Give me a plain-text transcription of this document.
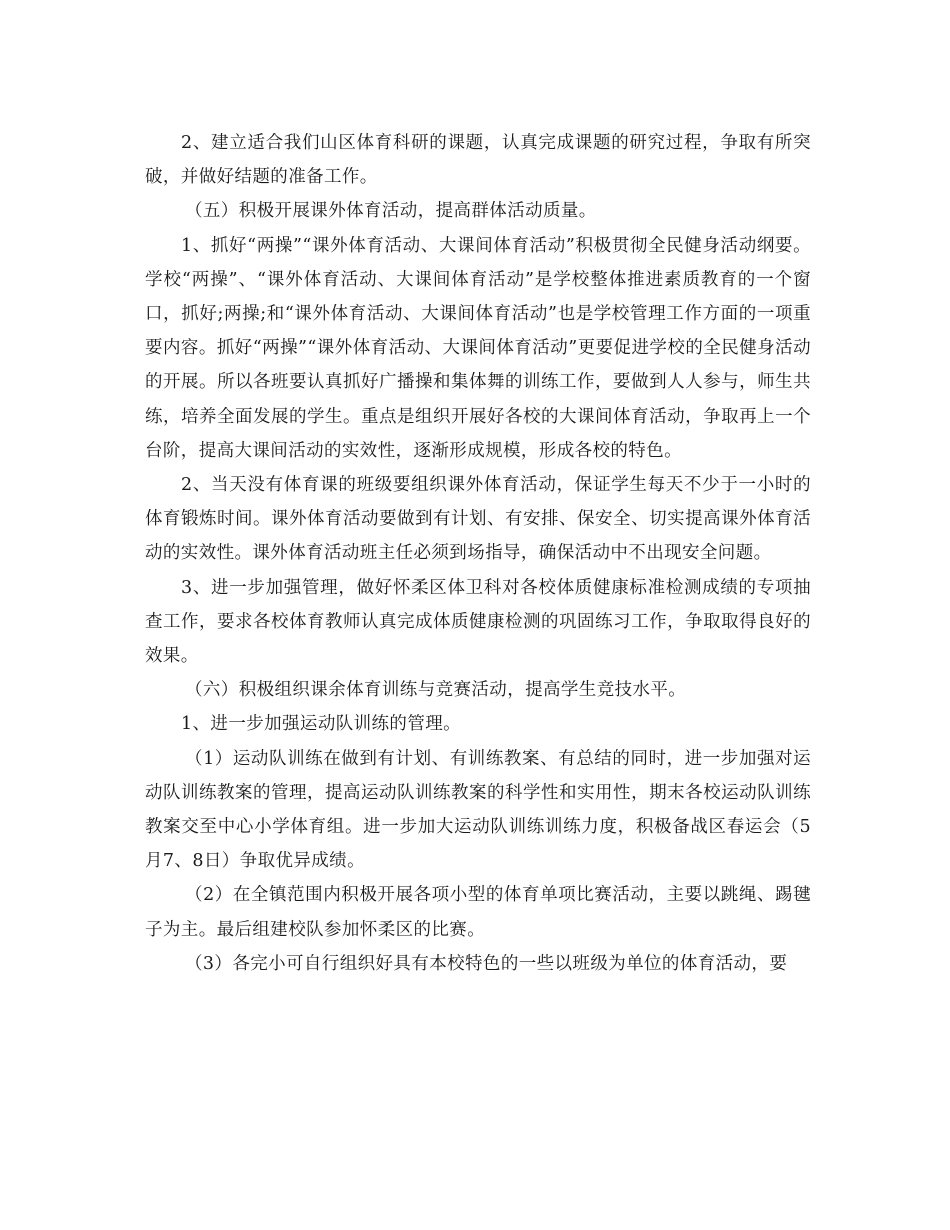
2、建立适合我们山区体育科研的课题，认真完成课题的研究过程，争取有所突破，并做好结题的准备工作。

（五）积极开展课外体育活动，提高群体活动质量。

1、抓好“两操”“课外体育活动、大课间体育活动”积极贯彻全民健身活动纲要。学校“两操”、“课外体育活动、大课间体育活动”是学校整体推进素质教育的一个窗口，抓好;两操;和“课外体育活动、大课间体育活动”也是学校管理工作方面的一项重要内容。抓好“两操”“课外体育活动、大课间体育活动”更要促进学校的全民健身活动的开展。所以各班要认真抓好广播操和集体舞的训练工作，要做到人人参与，师生共练，培养全面发展的学生。重点是组织开展好各校的大课间体育活动，争取再上一个台阶，提高大课间活动的实效性，逐渐形成规模，形成各校的特色。

2、当天没有体育课的班级要组织课外体育活动，保证学生每天不少于一小时的体育锻炼时间。课外体育活动要做到有计划、有安排、保安全、切实提高课外体育活动的实效性。课外体育活动班主任必须到场指导，确保活动中不出现安全问题。

3、进一步加强管理，做好怀柔区体卫科对各校体质健康标准检测成绩的专项抽查工作，要求各校体育教师认真完成体质健康检测的巩固练习工作，争取取得良好的效果。

（六）积极组织课余体育训练与竞赛活动，提高学生竞技水平。

1、进一步加强运动队训练的管理。

（1）运动队训练在做到有计划、有训练教案、有总结的同时，进一步加强对运动队训练教案的管理，提高运动队训练教案的科学性和实用性，期末各校运动队训练教案交至中心小学体育组。进一步加大运动队训练训练力度，积极备战区春运会（5月7、8日）争取优异成绩。

（2）在全镇范围内积极开展各项小型的体育单项比赛活动，主要以跳绳、踢毽子为主。最后组建校队参加怀柔区的比赛。

（3）各完小可自行组织好具有本校特色的一些以班级为单位的体育活动，要
